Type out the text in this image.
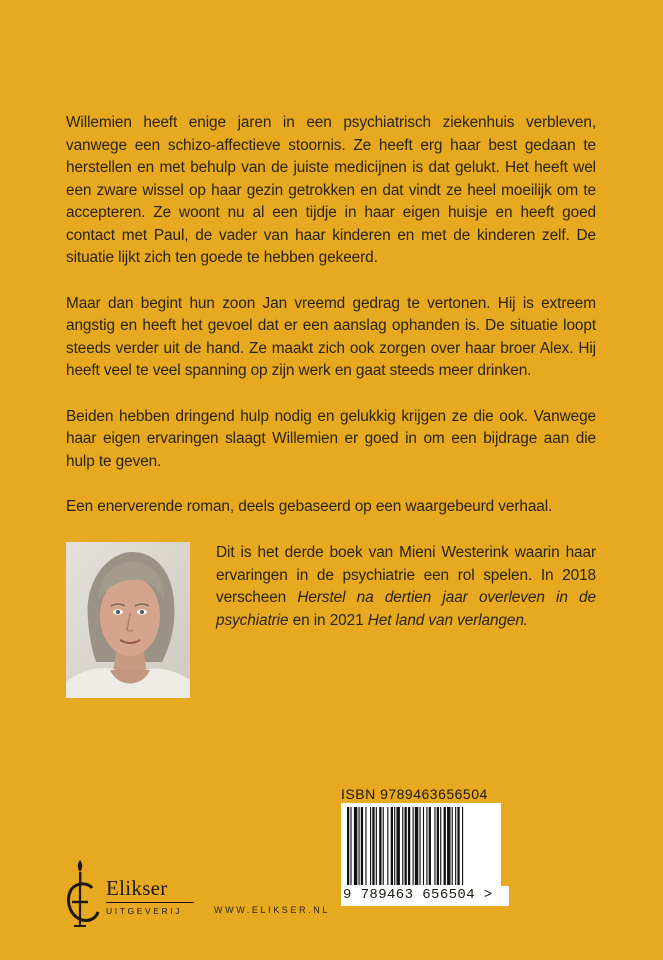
Willemien heeft enige jaren in een psychiatrisch ziekenhuis verbleven, vanwege een schizo-affectieve stoornis. Ze heeft erg haar best gedaan te herstellen en met behulp van de juiste medicijnen is dat gelukt. Het heeft wel een zware wissel op haar gezin getrokken en dat vindt ze heel moeilijk om te accepteren. Ze woont nu al een tijdje in haar eigen huisje en heeft goed contact met Paul, de vader van haar kinderen en met de kinderen zelf. De situatie lijkt zich ten goede te hebben gekeerd.

Maar dan begint hun zoon Jan vreemd gedrag te vertonen. Hij is extreem angstig en heeft het gevoel dat er een aanslag ophanden is. De situatie loopt steeds verder uit de hand. Ze maakt zich ook zorgen over haar broer Alex. Hij heeft veel te veel spanning op zijn werk en gaat steeds meer drinken.

Beiden hebben dringend hulp nodig en gelukkig krijgen ze die ook. Vanwege haar eigen ervaringen slaagt Willemien er goed in om een bijdrage aan die hulp te geven.

Een enerverende roman, deels gebaseerd op een waargebeurd verhaal.

Dit is het derde boek van Mieni Westerink waarin haar ervaringen in de psychiatrie een rol spelen. In 2018 verscheen Herstel na dertien jaar overleven in de psychiatrie en in 2021 Het land van verlangen.
ISBN 9789463656504
9 789463 656504 >
Elikser
UITGEVERIJ	WWW.ELIKSER.NL
